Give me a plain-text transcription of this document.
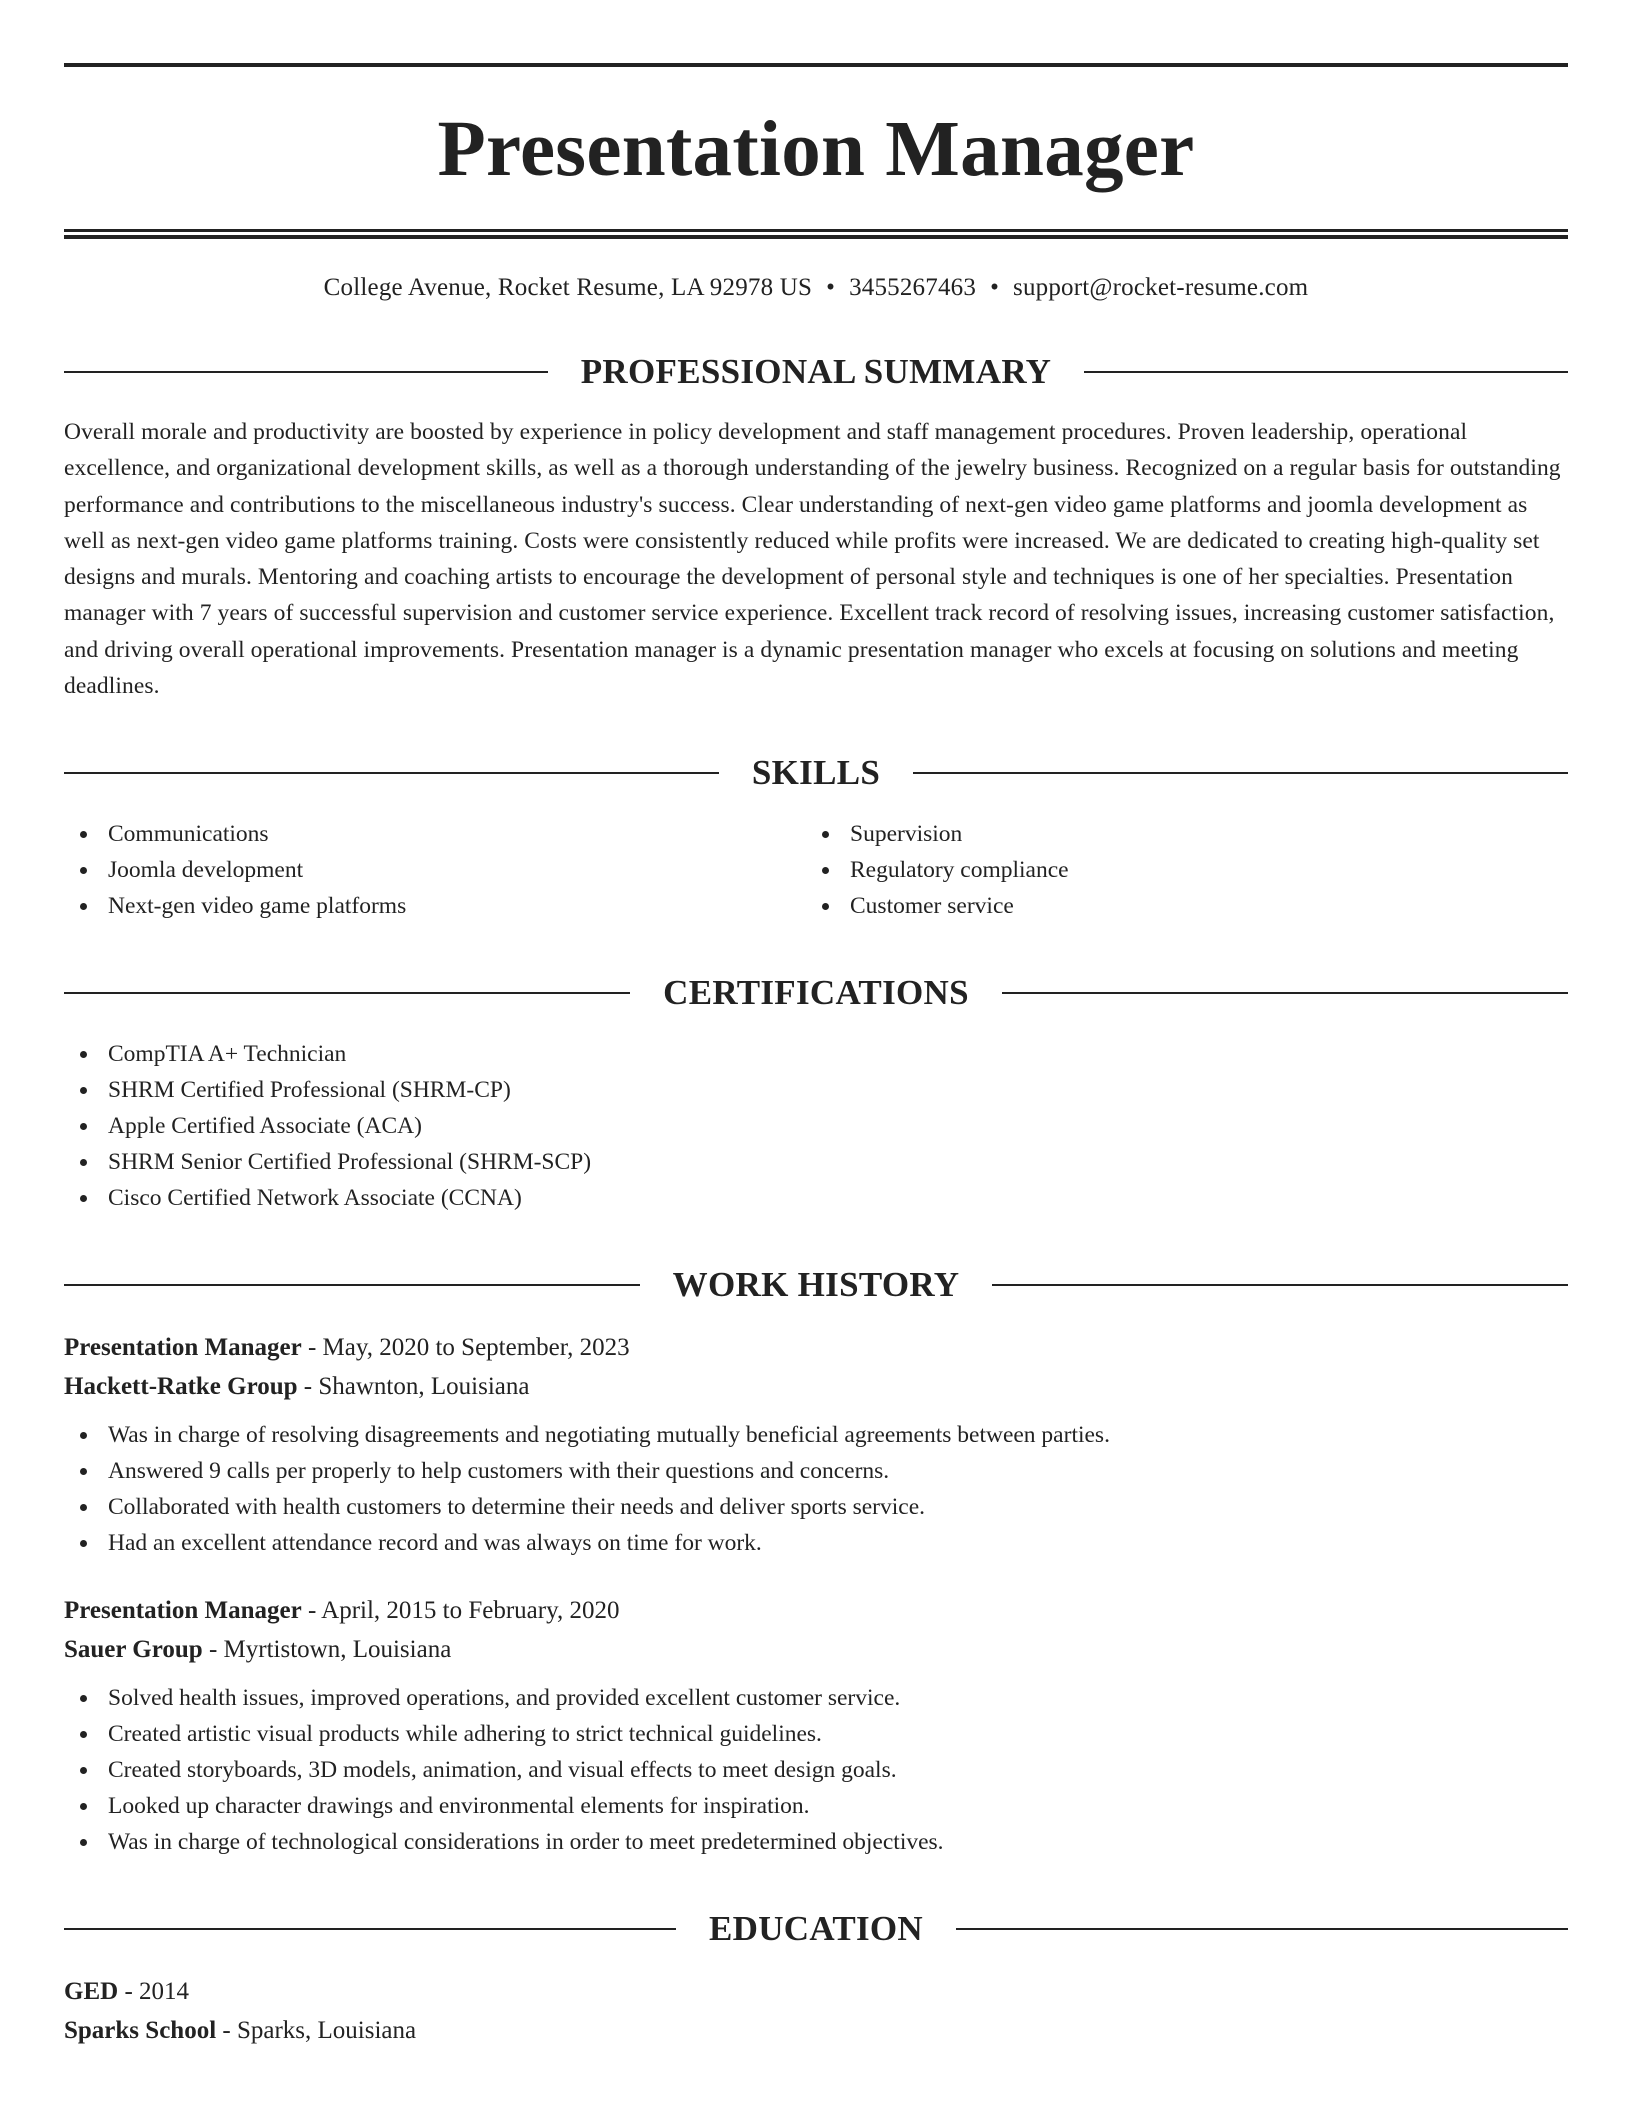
Presentation Manager
College Avenue, Rocket Resume, LA 92978 US • 3455267463 • support@rocket-resume.com
PROFESSIONAL SUMMARY

Overall morale and productivity are boosted by experience in policy development and staff management procedures. Proven leadership, operational excellence, and organizational development skills, as well as a thorough understanding of the jewelry business. Recognized on a regular basis for outstanding performance and contributions to the miscellaneous industry's success. Clear understanding of next-gen video game platforms and joomla development as well as next-gen video game platforms training. Costs were consistently reduced while profits were increased. We are dedicated to creating high-quality set designs and murals. Mentoring and coaching artists to encourage the development of personal style and techniques is one of her specialties. Presentation manager with 7 years of successful supervision and customer service experience. Excellent track record of resolving issues, increasing customer satisfaction, and driving overall operational improvements. Presentation manager is a dynamic presentation manager who excels at focusing on solutions and meeting deadlines.

SKILLS
Communications
Joomla development
Next-gen video game platforms
Supervision
Regulatory compliance
Customer service
CERTIFICATIONS
CompTIA A+ Technician
SHRM Certified Professional (SHRM-CP)
Apple Certified Associate (ACA)
SHRM Senior Certified Professional (SHRM-SCP)
Cisco Certified Network Associate (CCNA)
WORK HISTORY
Presentation Manager - May, 2020 to September, 2023
Hackett-Ratke Group - Shawnton, Louisiana
Was in charge of resolving disagreements and negotiating mutually beneficial agreements between parties.
Answered 9 calls per properly to help customers with their questions and concerns.
Collaborated with health customers to determine their needs and deliver sports service.
Had an excellent attendance record and was always on time for work.
Presentation Manager - April, 2015 to February, 2020
Sauer Group - Myrtistown, Louisiana
Solved health issues, improved operations, and provided excellent customer service.
Created artistic visual products while adhering to strict technical guidelines.
Created storyboards, 3D models, animation, and visual effects to meet design goals.
Looked up character drawings and environmental elements for inspiration.
Was in charge of technological considerations in order to meet predetermined objectives.
EDUCATION
GED - 2014
Sparks School - Sparks, Louisiana
